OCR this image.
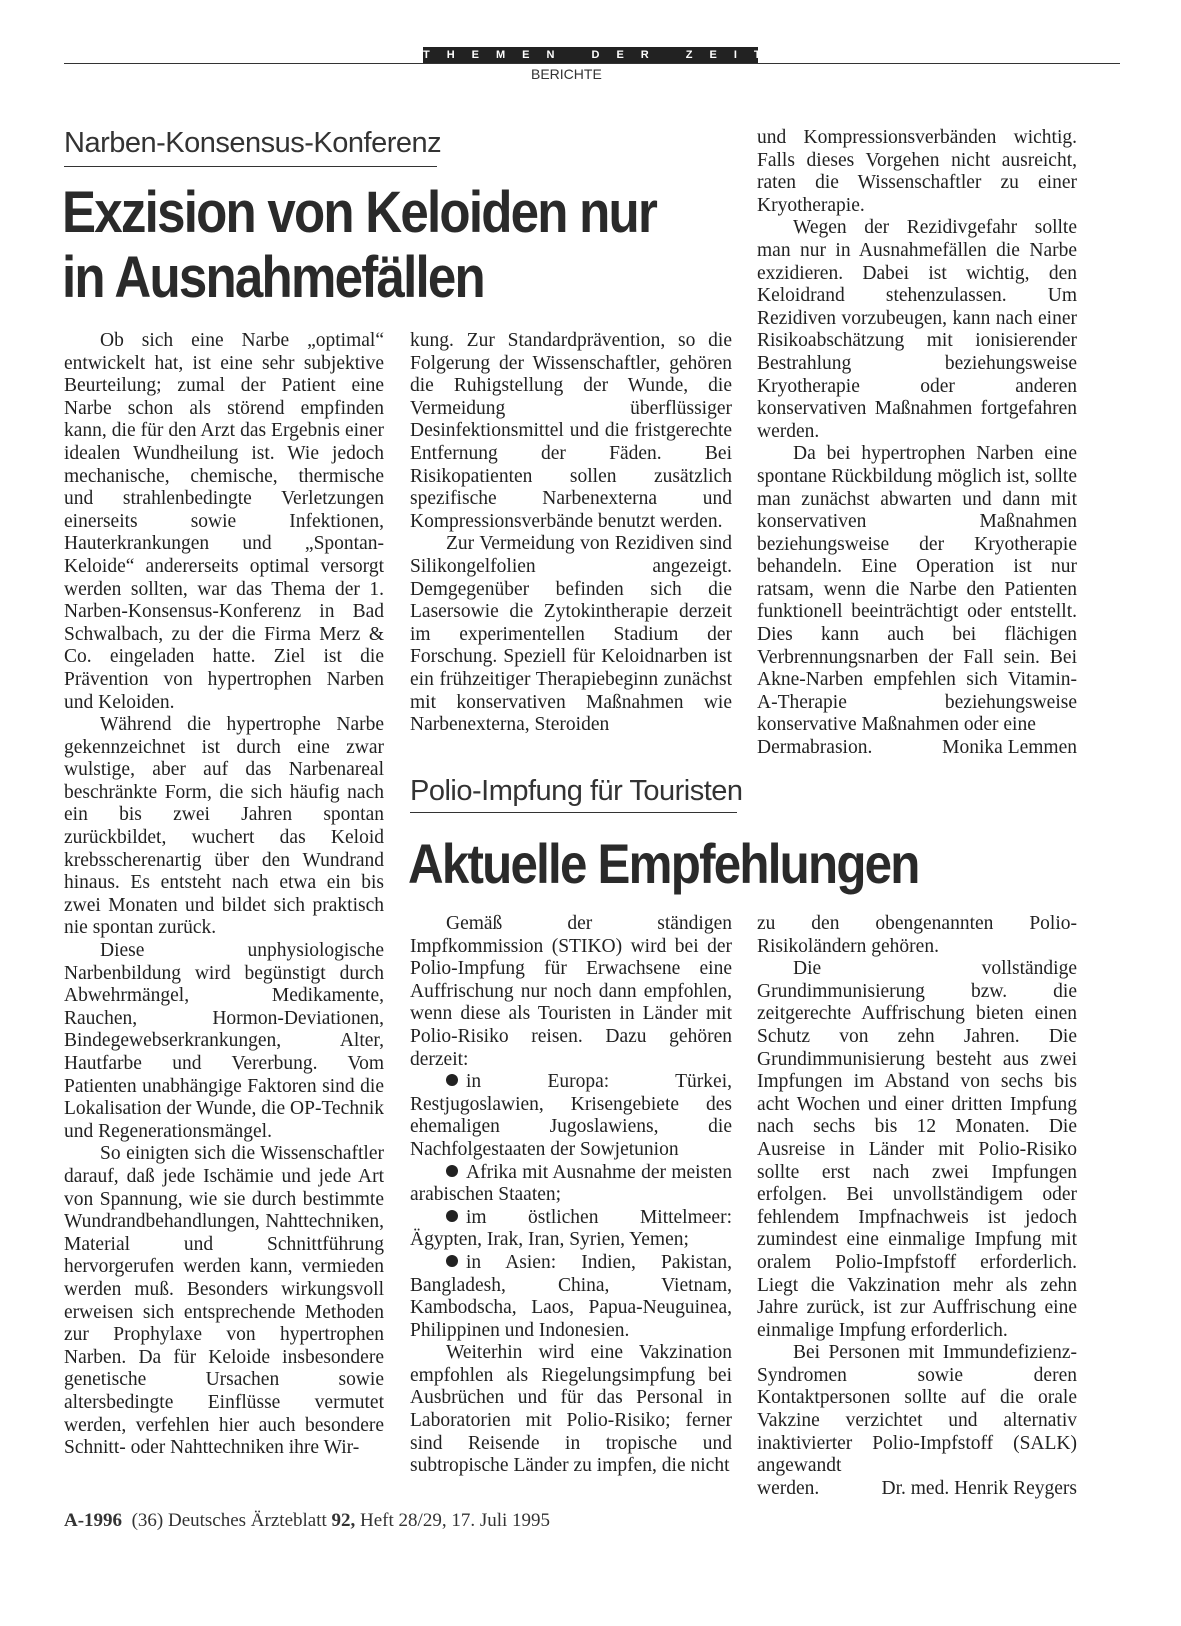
THEMEN DER ZEIT
BERICHTE
Narben-Konsensus-Konferenz
Exzision von Keloiden nur
in Ausnahmefällen

Ob sich eine Narbe „optimal“ entwickelt hat, ist eine sehr subjektive Beurteilung; zumal der Patient eine Narbe schon als störend empfinden kann, die für den Arzt das Ergebnis einer idealen Wundheilung ist. Wie jedoch mechanische, chemische, thermische und strahlenbedingte Verletzungen einerseits sowie Infektionen, Hauterkrankungen und „Spontan-Keloide“ andererseits optimal versorgt werden sollten, war das Thema der 1. Narben-Konsensus-Konferenz in Bad Schwalbach, zu der die Firma Merz & Co. eingeladen hatte. Ziel ist die Prävention von hypertrophen Narben und Keloiden.

Während die hypertrophe Narbe gekennzeichnet ist durch eine zwar wulstige, aber auf das Narbenareal beschränkte Form, die sich häufig nach ein bis zwei Jahren spontan zurückbildet, wuchert das Keloid krebsscherenartig über den Wundrand hinaus. Es entsteht nach etwa ein bis zwei Monaten und bildet sich praktisch nie spontan zurück.

Diese unphysiologische Narbenbildung wird begünstigt durch Abwehrmängel, Medikamente, Rauchen, Hormon-Deviationen, Bindegewebserkrankungen, Alter, Hautfarbe und Vererbung. Vom Patienten unabhängige Faktoren sind die Lokalisation der Wunde, die OP-Technik und Regenerationsmängel.

So einigten sich die Wissenschaftler darauf, daß jede Ischämie und jede Art von Spannung, wie sie durch bestimmte Wundrandbehandlungen, Nahttechniken, Material und Schnittführung hervorgerufen werden kann, vermieden werden muß. Besonders wirkungsvoll erweisen sich entsprechende Methoden zur Prophylaxe von hypertrophen Narben. Da für Keloide insbesondere genetische Ursachen sowie altersbedingte Einflüsse vermutet werden, verfehlen hier auch besondere Schnitt- oder Nahttechniken ihre Wir-

kung. Zur Standardprävention, so die Folgerung der Wissenschaftler, gehören die Ruhigstellung der Wunde, die Vermeidung überflüssiger Desinfektionsmittel und die fristgerechte Entfernung der Fäden. Bei Risikopatienten sollen zusätzlich spezifische Narbenexterna und Kompressionsverbände benutzt werden.

Zur Vermeidung von Rezidiven sind Silikongelfolien angezeigt. Demgegenüber befinden sich die Lasersowie die Zytokintherapie derzeit im experimentellen Stadium der Forschung. Speziell für Keloidnarben ist ein frühzeitiger Therapiebeginn zunächst mit konservativen Maßnahmen wie Narbenexterna, Steroiden

und Kompressionsverbänden wichtig. Falls dieses Vorgehen nicht ausreicht, raten die Wissenschaftler zu einer Kryotherapie.

Wegen der Rezidivgefahr sollte man nur in Ausnahmefällen die Narbe exzidieren. Dabei ist wichtig, den Keloidrand stehenzulassen. Um Rezidiven vorzubeugen, kann nach einer Risikoabschätzung mit ionisierender Bestrahlung beziehungsweise Kryotherapie oder anderen konservativen Maßnahmen fortgefahren werden.

Da bei hypertrophen Narben eine spontane Rückbildung möglich ist, sollte man zunächst abwarten und dann mit konservativen Maßnahmen beziehungsweise der Kryotherapie behandeln. Eine Operation ist nur ratsam, wenn die Narbe den Patienten funktionell beeinträchtigt oder entstellt. Dies kann auch bei flächigen Verbrennungsnarben der Fall sein. Bei Akne-Narben empfehlen sich Vitamin-A-Therapie beziehungsweise konservative Maßnahmen oder eine

Dermabrasion.	Monika Lemmen
Polio-Impfung für Touristen
Aktuelle Empfehlungen

Gemäß der ständigen Impfkommission (STIKO) wird bei der Polio-Impfung für Erwachsene eine Auffrischung nur noch dann empfohlen, wenn diese als Touristen in Länder mit Polio-Risiko reisen. Dazu gehören derzeit:

in Europa: Türkei, Restjugoslawien, Krisengebiete des ehemaligen Jugoslawiens, die Nachfolgestaaten der Sowjetunion

Afrika mit Ausnahme der meisten arabischen Staaten;

im östlichen Mittelmeer: Ägypten, Irak, Iran, Syrien, Yemen;

in Asien: Indien, Pakistan, Bangladesh, China, Vietnam, Kambodscha, Laos, Papua-Neuguinea, Philippinen und Indonesien.

Weiterhin wird eine Vakzination empfohlen als Riegelungsimpfung bei Ausbrüchen und für das Personal in Laboratorien mit Polio-Risiko; ferner sind Reisende in tropische und subtropische Länder zu impfen, die nicht

zu den obengenannten Polio-Risikoländern gehören.

Die vollständige Grundimmunisierung bzw. die zeitgerechte Auffrischung bieten einen Schutz von zehn Jahren. Die Grundimmunisierung besteht aus zwei Impfungen im Abstand von sechs bis acht Wochen und einer dritten Impfung nach sechs bis 12 Monaten. Die Ausreise in Länder mit Polio-Risiko sollte erst nach zwei Impfungen erfolgen. Bei unvollständigem oder fehlendem Impfnachweis ist jedoch zumindest eine einmalige Impfung mit oralem Polio-Impfstoff erforderlich. Liegt die Vakzination mehr als zehn Jahre zurück, ist zur Auffrischung eine einmalige Impfung erforderlich.

Bei Personen mit Immundefizienz-Syndromen sowie deren Kontaktpersonen sollte auf die orale Vakzine verzichtet und alternativ inaktivierter Polio-Impfstoff (SALK) angewandt

werden.	Dr. med. Henrik Reygers
A-1996 (36) Deutsches Ärzteblatt 92, Heft 28/29, 17. Juli 1995
